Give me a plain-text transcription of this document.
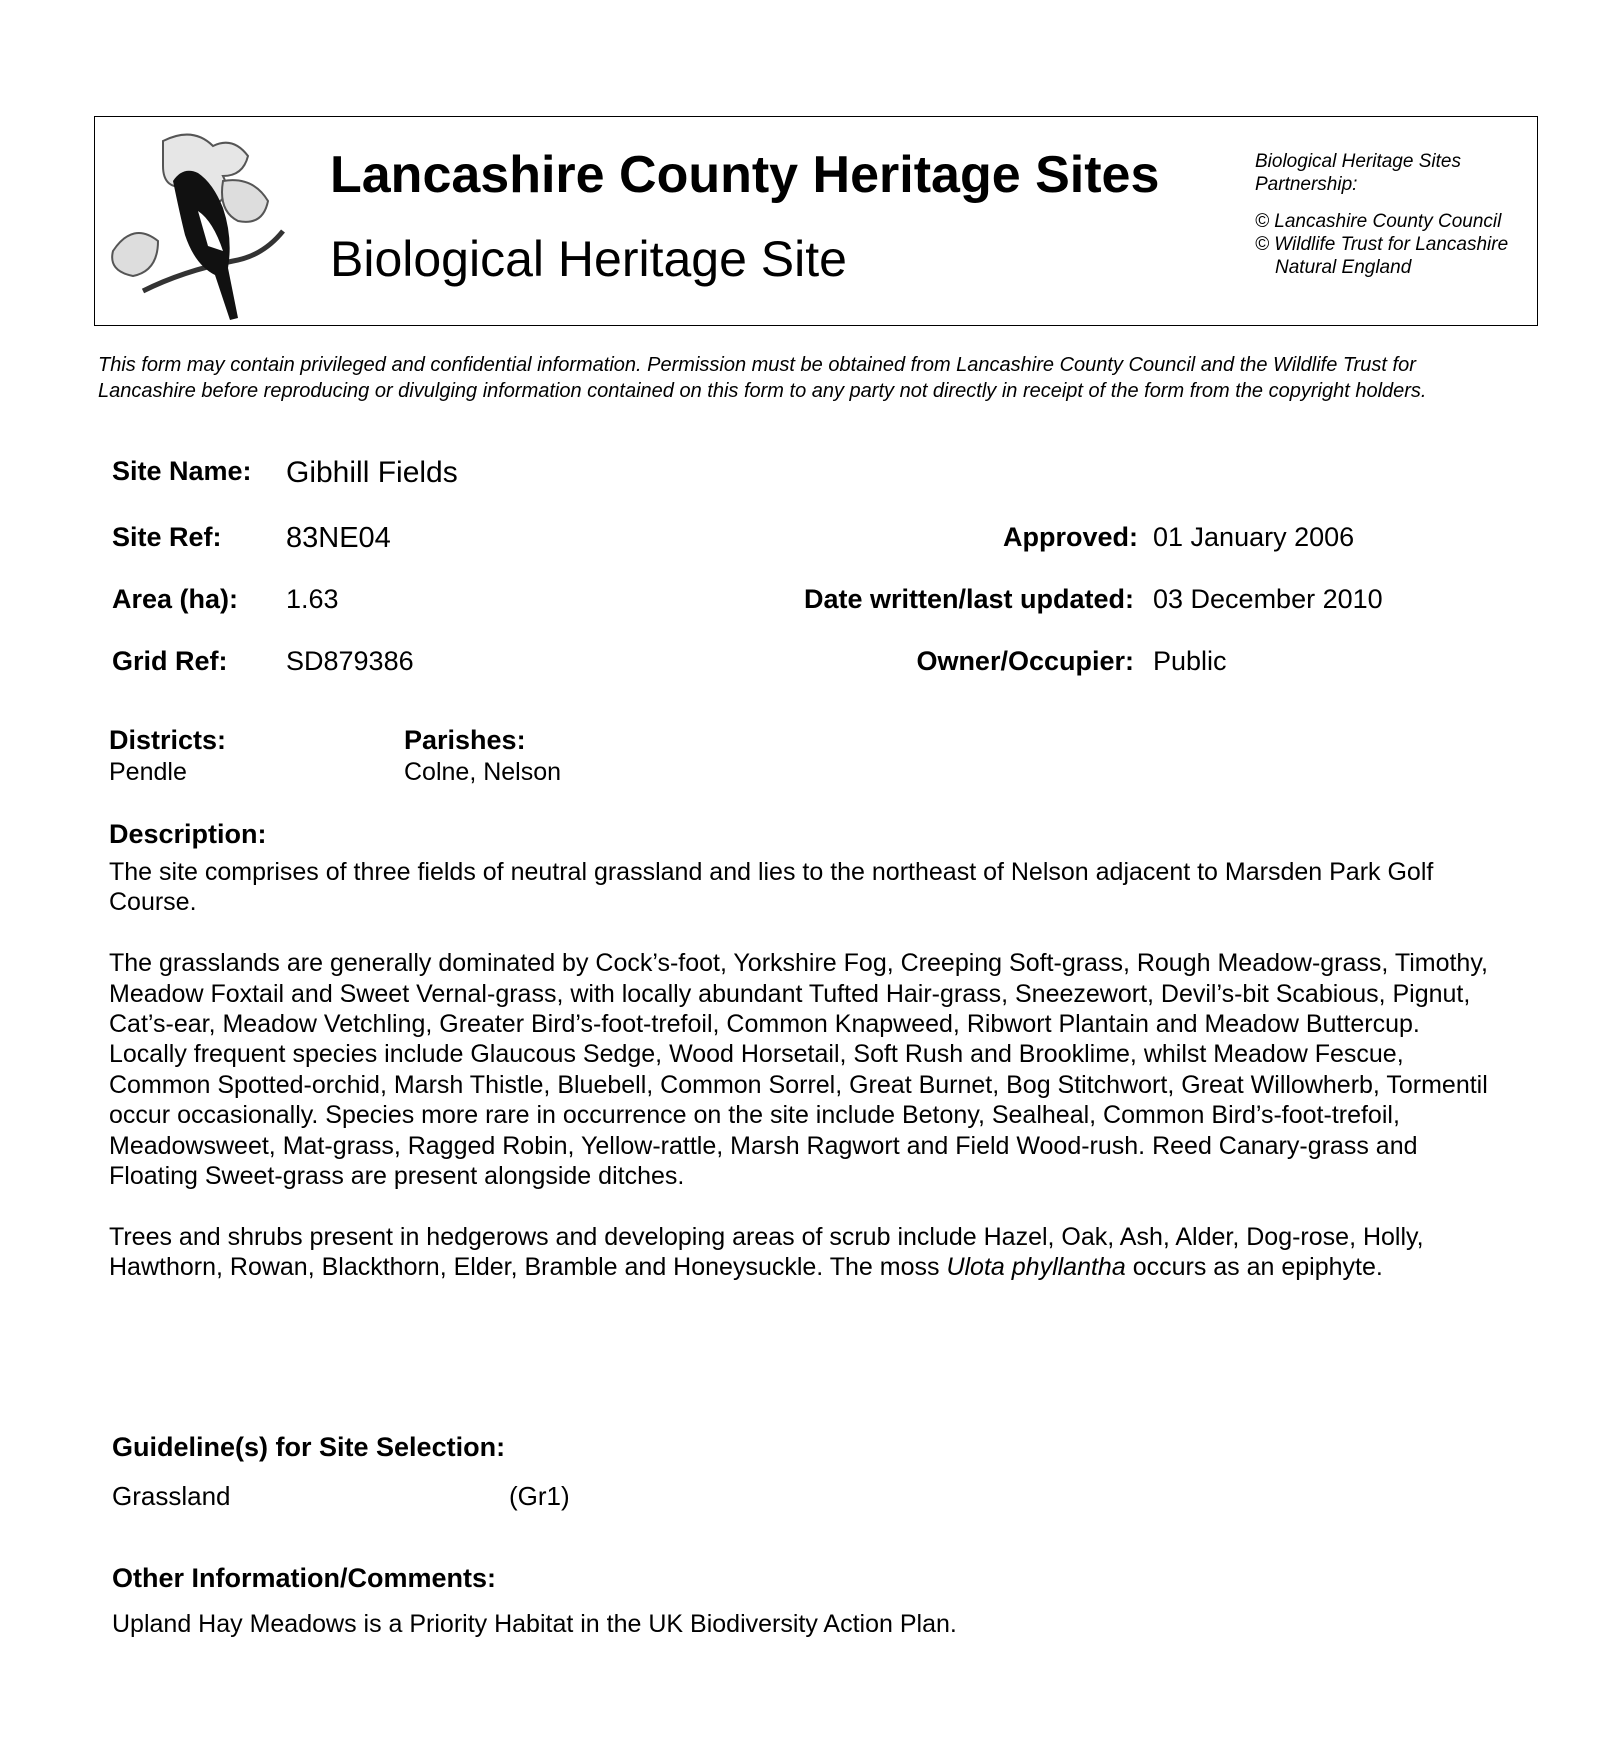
Lancashire County Heritage Sites
Biological Heritage Site
Biological Heritage Sites Partnership:
© Lancashire County Council
© Wildlife Trust for Lancashire
Natural England
This form may contain privileged and confidential information. Permission must be obtained from Lancashire County Council and the Wildlife Trust for Lancashire before reproducing or divulging information contained on this form to any party not directly in receipt of the form from the copyright holders.
Site Name: Gibhill Fields
Site Ref: 83NE04	Approved: 01 January 2006
Area (ha): 1.63	Date written/last updated: 03 December 2010
Grid Ref: SD879386	Owner/Occupier: Public
Districts:
Pendle
Parishes:
Colne, Nelson
Description:

The site comprises of three fields of neutral grassland and lies to the northeast of Nelson adjacent to Marsden Park Golf Course.

The grasslands are generally dominated by Cock’s-foot, Yorkshire Fog, Creeping Soft-grass, Rough Meadow-grass, Timothy, Meadow Foxtail and Sweet Vernal-grass, with locally abundant Tufted Hair-grass, Sneezewort, Devil’s-bit Scabious, Pignut, Cat’s-ear, Meadow Vetchling, Greater Bird’s-foot-trefoil, Common Knapweed, Ribwort Plantain and Meadow Buttercup. Locally frequent species include Glaucous Sedge, Wood Horsetail, Soft Rush and Brooklime, whilst Meadow Fescue, Common Spotted-orchid, Marsh Thistle, Bluebell, Common Sorrel, Great Burnet, Bog Stitchwort, Great Willowherb, Tormentil occur occasionally. Species more rare in occurrence on the site include Betony, Sealheal, Common Bird’s-foot-trefoil, Meadowsweet, Mat-grass, Ragged Robin, Yellow-rattle, Marsh Ragwort and Field Wood-rush. Reed Canary-grass and Floating Sweet-grass are present alongside ditches.

Trees and shrubs present in hedgerows and developing areas of scrub include Hazel, Oak, Ash, Alder, Dog-rose, Holly, Hawthorn, Rowan, Blackthorn, Elder, Bramble and Honeysuckle. The moss Ulota phyllantha occurs as an epiphyte.

Guideline(s) for Site Selection:
Grassland	(Gr1)
Other Information/Comments:
Upland Hay Meadows is a Priority Habitat in the UK Biodiversity Action Plan.
